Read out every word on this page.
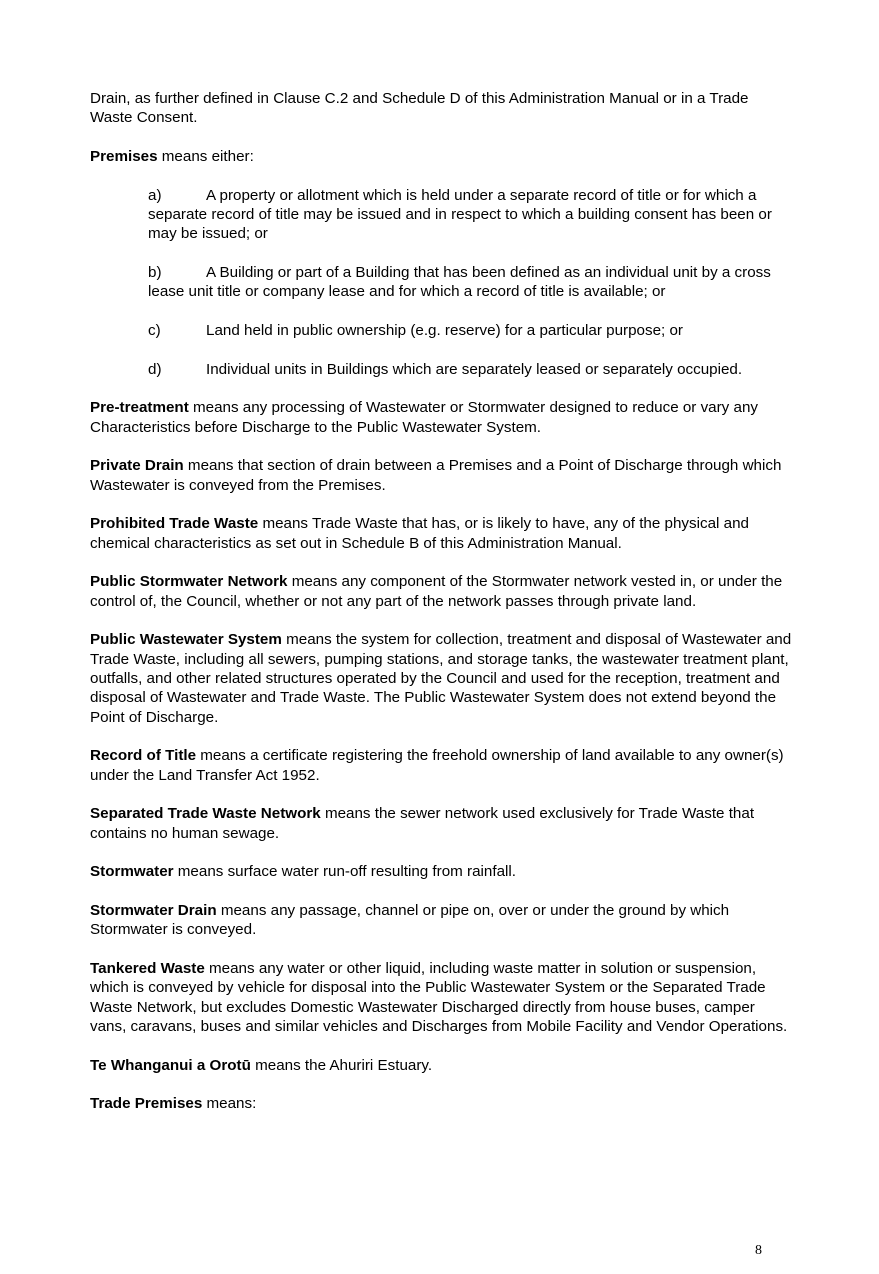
Drain, as further defined in Clause C.2 and Schedule D of this Administration Manual or in a Trade Waste Consent.

Premises means either:

a)	A property or allotment which is held under a separate record of title or for which a separate record of title may be issued and in respect to which a building consent has been or may be issued; or

b)	A Building or part of a Building that has been defined as an individual unit by a cross lease unit title or company lease and for which a record of title is available; or

c)	Land held in public ownership (e.g. reserve) for a particular purpose; or

d)	Individual units in Buildings which are separately leased or separately occupied.

Pre-treatment means any processing of Wastewater or Stormwater designed to reduce or vary any Characteristics before Discharge to the Public Wastewater System.

Private Drain means that section of drain between a Premises and a Point of Discharge through which Wastewater is conveyed from the Premises.

Prohibited Trade Waste means Trade Waste that has, or is likely to have, any of the physical and chemical characteristics as set out in Schedule B of this Administration Manual.

Public Stormwater Network means any component of the Stormwater network vested in, or under the control of, the Council, whether or not any part of the network passes through private land.

Public Wastewater System means the system for collection, treatment and disposal of Wastewater and Trade Waste, including all sewers, pumping stations, and storage tanks, the wastewater treatment plant, outfalls, and other related structures operated by the Council and used for the reception, treatment and disposal of Wastewater and Trade Waste. The Public Wastewater System does not extend beyond the Point of Discharge.

Record of Title means a certificate registering the freehold ownership of land available to any owner(s) under the Land Transfer Act 1952.

Separated Trade Waste Network means the sewer network used exclusively for Trade Waste that contains no human sewage.

Stormwater means surface water run-off resulting from rainfall.

Stormwater Drain means any passage, channel or pipe on, over or under the ground by which Stormwater is conveyed.

Tankered Waste means any water or other liquid, including waste matter in solution or suspension, which is conveyed by vehicle for disposal into the Public Wastewater System or the Separated Trade Waste Network, but excludes Domestic Wastewater Discharged directly from house buses, camper vans, caravans, buses and similar vehicles and Discharges from Mobile Facility and Vendor Operations.

Te Whanganui a Orotū means the Ahuriri Estuary.

Trade Premises means:

8
